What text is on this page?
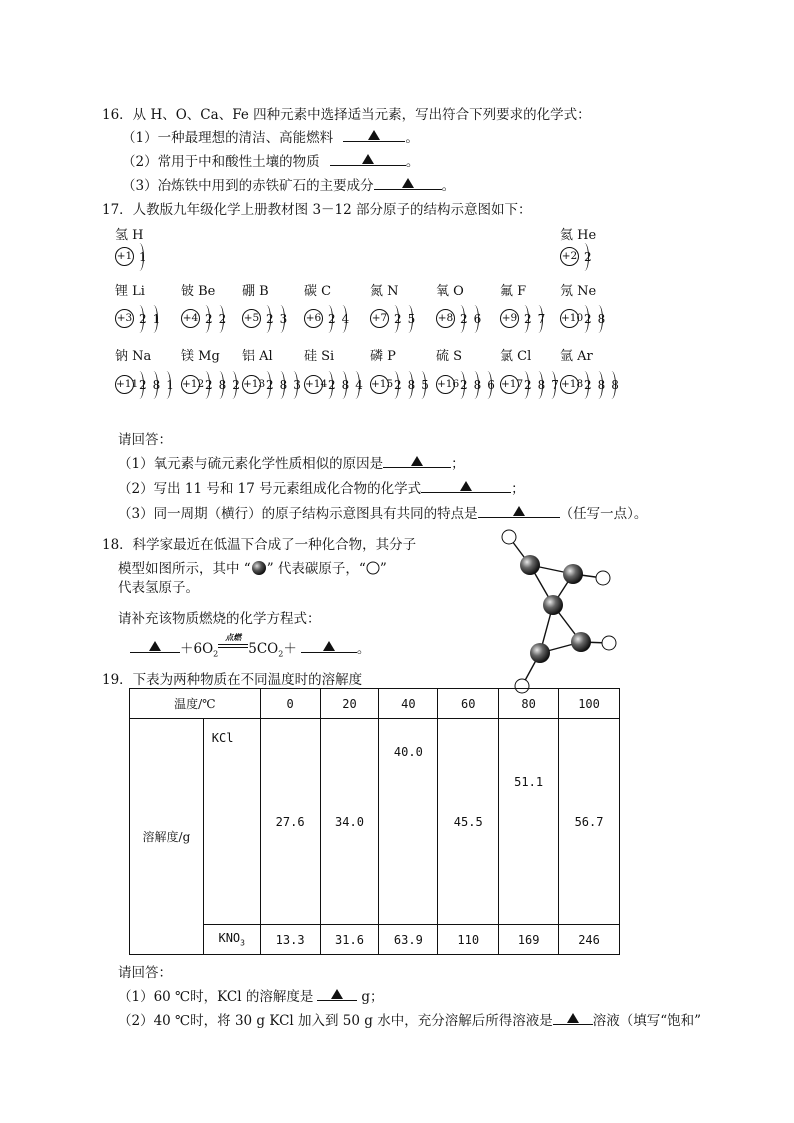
16．从 H、O、Ca、Fe 四种元素中选择适当元素，写出符合下列要求的化学式：
（1）一种最理想的清洁、高能燃料	。
（2）常用于中和酸性土壤的物质	。
（3）冶炼铁中用到的赤铁矿石的主要成分	。
17．人教版九年级化学上册教材图 3－12 部分原子的结构示意图如下：
氢 H
+1 1
氦 He
+2 2
锂 Li
+3 2 1
铍 Be
+4 2 2
硼 B
+5 2 3
碳 C
+6 2 4
氮 N
+7 2 5
氧 O
+8 2 6
氟 F
+9 2 7
氖 Ne
+102 8
钠 Na
+112 8 1
镁 Mg
+122 8 2
铝 Al
+132 8 3
硅 Si
+142 8 4
磷 P
+152 8 5
硫 S
+162 8 6
氯 Cl
+172 8 7
氩 Ar
+182 8 8
请回答：
（1）氧元素与硫元素化学性质相似的原因是	；
（2）写出 11 号和 17 号元素组成化合物的化学式	；
（3）同一周期（横行）的原子结构示意图具有共同的特点是	（任写一点）。
18．科学家最近在低温下合成了一种化合物，其分子
模型如图所示，其中 “ ” 代表碳原子，“ ”
代表氢原子。
请补充该物质燃烧的化学方程式：
$+6O_2$
点燃
$5CO_2+$	。
19．下表为两种物质在不同温度时的溶解度
温度/℃		0	20	40	60	80	100
溶解度/g	KCl	27.6	34.0	40.0	45.5	51.1	56.7
	$KNO_3$	13.3	31.6	63.9	110	169	246
请回答：
（1）60 ℃时，KCl 的溶解度是	g；
（2）40 ℃时，将 30 g KCl 加入到 50 g 水中，充分溶解后所得溶液是	溶液（填写“饱和”
